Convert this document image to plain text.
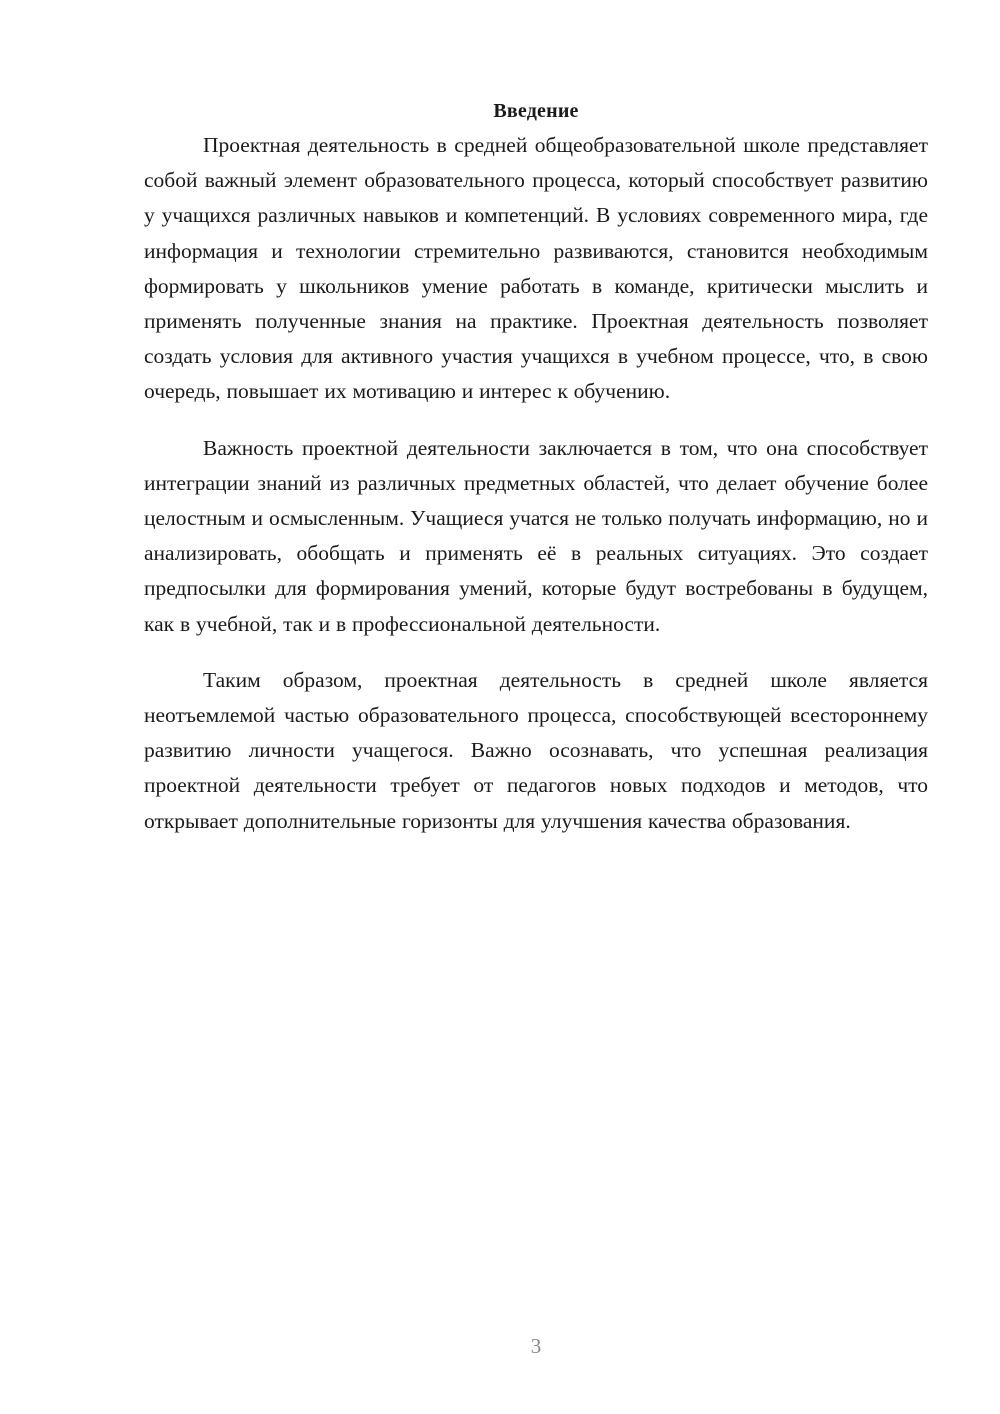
Введение

Проектная деятельность в средней общеобразовательной школе представляет собой важный элемент образовательного процесса, который способствует развитию у учащихся различных навыков и компетенций. В условиях современного мира, где информация и технологии стремительно развиваются, становится необходимым формировать у школьников умение работать в команде, критически мыслить и применять полученные знания на практике. Проектная деятельность позволяет создать условия для активного участия учащихся в учебном процессе, что, в свою очередь, повышает их мотивацию и интерес к обучению.

Важность проектной деятельности заключается в том, что она способствует интеграции знаний из различных предметных областей, что делает обучение более целостным и осмысленным. Учащиеся учатся не только получать информацию, но и анализировать, обобщать и применять её в реальных ситуациях. Это создает предпосылки для формирования умений, которые будут востребованы в будущем, как в учебной, так и в профессиональной деятельности.

Таким образом, проектная деятельность в средней школе является неотъемлемой частью образовательного процесса, способствующей всестороннему развитию личности учащегося. Важно осознавать, что успешная реализация проектной деятельности требует от педагогов новых подходов и методов, что открывает дополнительные горизонты для улучшения качества образования.

3
